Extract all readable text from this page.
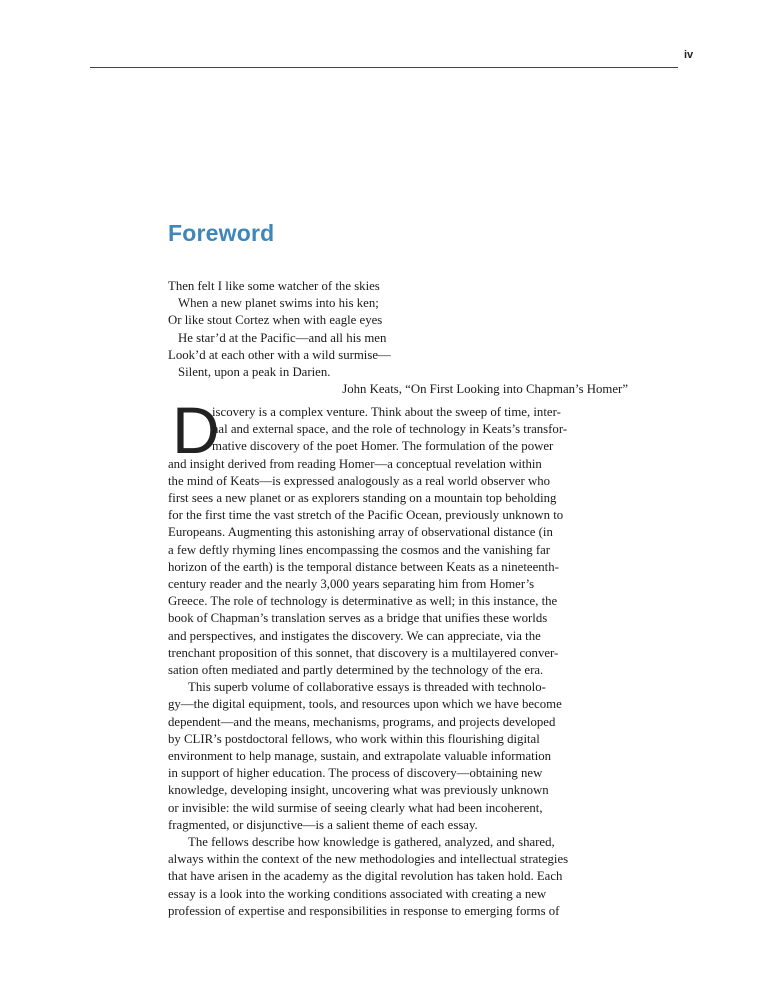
iv
Foreword
Then felt I like some watcher of the skies
When a new planet swims into his ken;
Or like stout Cortez when with eagle eyes
He star’d at the Pacific—and all his men
Look’d at each other with a wild surmise—
Silent, upon a peak in Darien.
John Keats, “On First Looking into Chapman’s Homer”
D
iscovery is a complex venture. Think about the sweep of time, inter-
nal and external space, and the role of technology in Keats’s transfor-
mative discovery of the poet Homer. The formulation of the power
and insight derived from reading Homer—a conceptual revelation within
the mind of Keats—is expressed analogously as a real world observer who
first sees a new planet or as explorers standing on a mountain top beholding
for the first time the vast stretch of the Pacific Ocean, previously unknown to
Europeans. Augmenting this astonishing array of observational distance (in
a few deftly rhyming lines encompassing the cosmos and the vanishing far
horizon of the earth) is the temporal distance between Keats as a nineteenth-
century reader and the nearly 3,000 years separating him from Homer’s
Greece. The role of technology is determinative as well; in this instance, the
book of Chapman’s translation serves as a bridge that unifies these worlds
and perspectives, and instigates the discovery. We can appreciate, via the
trenchant proposition of this sonnet, that discovery is a multilayered conver-
sation often mediated and partly determined by the technology of the era.
This superb volume of collaborative essays is threaded with technolo-
gy—the digital equipment, tools, and resources upon which we have become
dependent—and the means, mechanisms, programs, and projects developed
by CLIR’s postdoctoral fellows, who work within this flourishing digital
environment to help manage, sustain, and extrapolate valuable information
in support of higher education. The process of discovery—obtaining new
knowledge, developing insight, uncovering what was previously unknown
or invisible: the wild surmise of seeing clearly what had been incoherent,
fragmented, or disjunctive—is a salient theme of each essay.
The fellows describe how knowledge is gathered, analyzed, and shared,
always within the context of the new methodologies and intellectual strategies
that have arisen in the academy as the digital revolution has taken hold. Each
essay is a look into the working conditions associated with creating a new
profession of expertise and responsibilities in response to emerging forms of
